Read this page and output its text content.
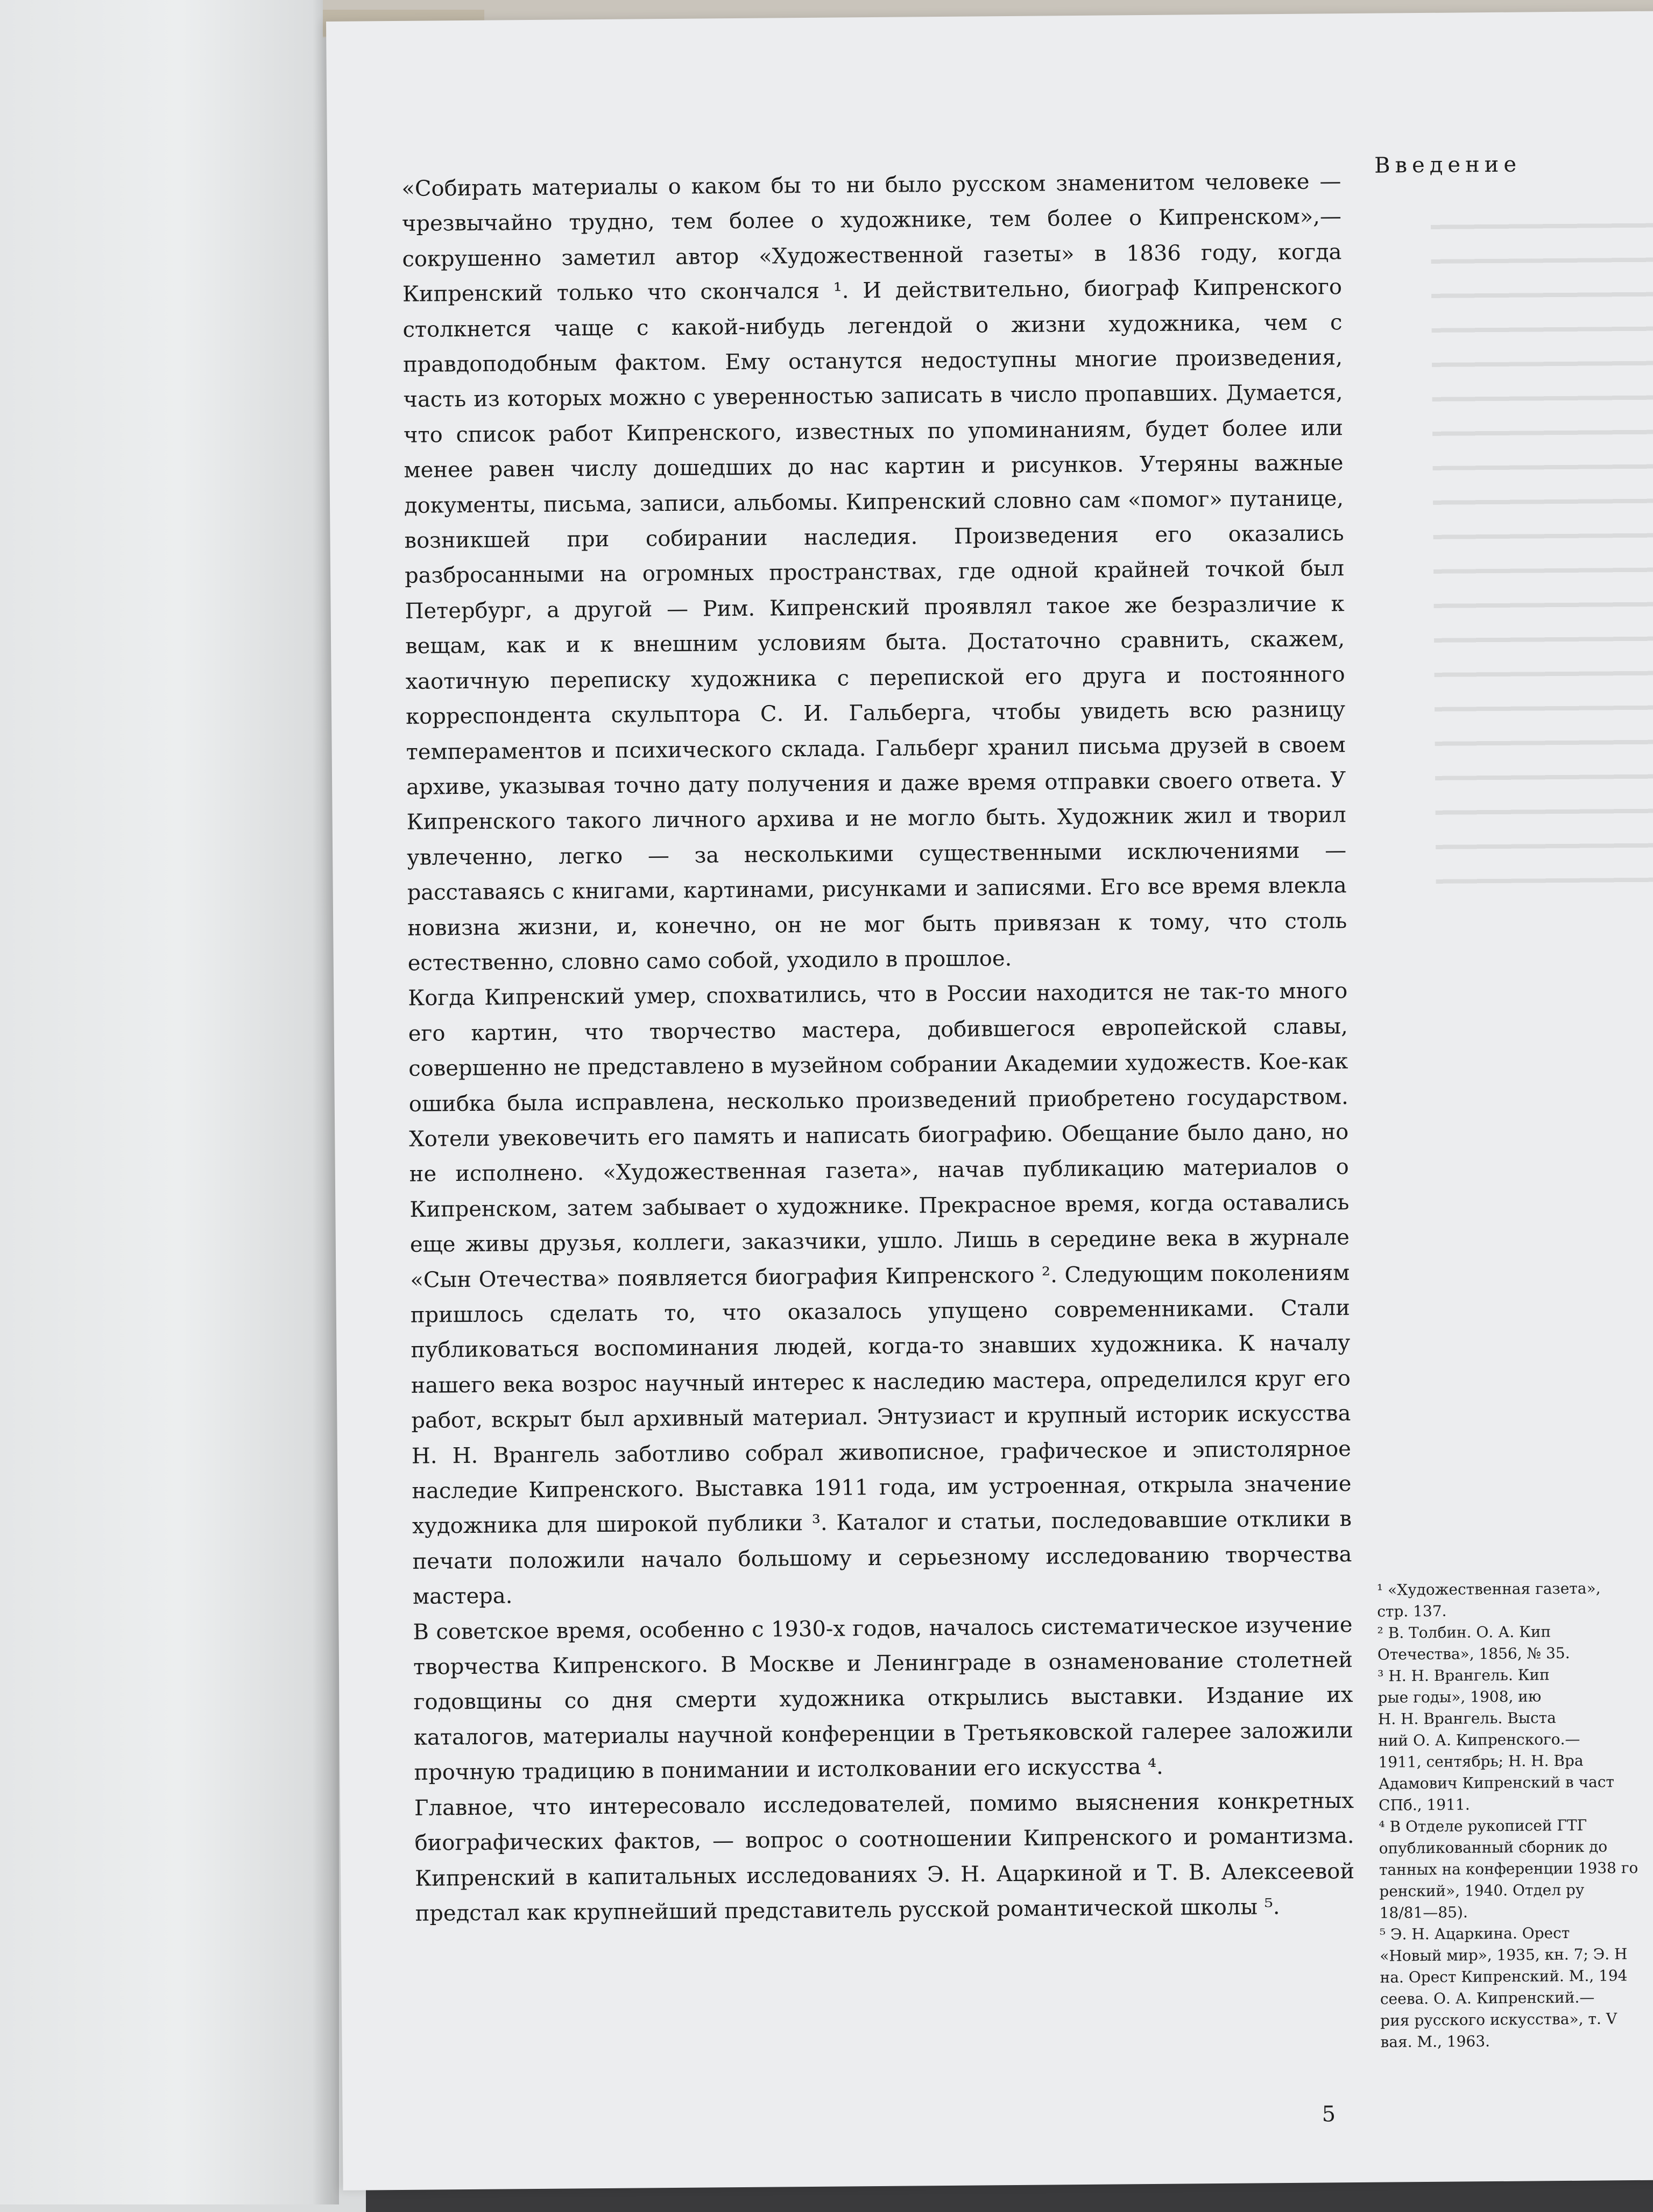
«Собирать материалы о каком бы то ни было русском знаменитом человеке — чрезвычайно трудно, тем более о художнике, тем более о Кипренском»,— сокрушенно заметил автор «Художественной газеты» в 1836 году, когда Кипренский только что скончался ¹. И действительно, биограф Кипренского столкнется чаще с какой-нибудь легендой о жизни художника, чем с правдоподобным фактом. Ему останутся недоступны многие произведения, часть из которых можно с уверенностью записать в число пропавших. Думается, что список работ Кипренского, известных по упоминаниям, будет более или менее равен числу дошедших до нас картин и рисунков. Утеряны важные документы, письма, записи, альбомы. Кипренский словно сам «помог» путанице, возникшей при собирании наследия. Произведения его оказались разбросанными на огромных пространствах, где одной крайней точкой был Петербург, а другой — Рим. Кипренский проявлял такое же безразличие к вещам, как и к внешним условиям быта. Достаточно сравнить, скажем, хаотичную переписку художника с перепиской его друга и постоянного корреспондента скульптора С. И. Гальберга, чтобы увидеть всю разницу темпераментов и психического склада. Гальберг хранил письма друзей в своем архиве, указывая точно дату получения и даже время отправки своего ответа. У Кипренского такого личного архива и не могло быть. Художник жил и творил увлеченно, легко — за несколькими существенными исключениями — расставаясь с книгами, картинами, рисунками и записями. Его все время влекла новизна жизни, и, конечно, он не мог быть привязан к тому, что столь естественно, словно само собой, уходило в прошлое.

Когда Кипренский умер, спохватились, что в России находится не так-то много его картин, что творчество мастера, добившегося европейской славы, совершенно не представлено в музейном собрании Академии художеств. Кое-как ошибка была исправлена, несколько произведений приобретено государством. Хотели увековечить его память и написать биографию. Обещание было дано, но не исполнено. «Художественная газета», начав публикацию материалов о Кипренском, затем забывает о художнике. Прекрасное время, когда оставались еще живы друзья, коллеги, заказчики, ушло. Лишь в середине века в журнале «Сын Отечества» появляется биография Кипренского ². Следующим поколениям пришлось сделать то, что оказалось упущено современниками. Стали публиковаться воспоминания людей, когда-то знавших художника. К началу нашего века возрос научный интерес к наследию мастера, определился круг его работ, вскрыт был архивный материал. Энтузиаст и крупный историк искусства Н. Н. Врангель заботливо собрал живописное, графическое и эпистолярное наследие Кипренского. Выставка 1911 года, им устроенная, открыла значение художника для широкой публики ³. Каталог и статьи, последовавшие отклики в печати положили начало большому и серьезному исследованию творчества мастера.

В советское время, особенно с 1930-х годов, началось систематическое изучение творчества Кипренского. В Москве и Ленинграде в ознаменование столетней годовщины со дня смерти художника открылись выставки. Издание их каталогов, материалы научной конференции в Третьяковской галерее заложили прочную традицию в понимании и истолковании его искусства ⁴.

Главное, что интересовало исследователей, помимо выяснения конкретных биографических фактов, — вопрос о соотношении Кипренского и романтизма. Кипренский в капитальных исследованиях Э. Н. Ацаркиной и Т. В. Алексеевой предстал как крупнейший представитель русской романтической школы ⁵.

Введение
¹ «Художественная газета»,
стр. 137.
² В. Толбин. О. А. Кип
Отечества», 1856, № 35.
³ Н. Н. Врангель. Кип
рые годы», 1908, ию
Н. Н. Врангель. Выста
ний О. А. Кипренского.—
1911, сентябрь; Н. Н. Вра
Адамович Кипренский в част
СПб., 1911.
⁴ В Отделе рукописей ГТГ
опубликованный сборник до
танных на конференции 1938 го
ренский», 1940. Отдел ру
18/81—85).
⁵ Э. Н. Ацаркина. Орест
«Новый мир», 1935, кн. 7; Э. Н
на. Орест Кипренский. М., 194
сеева. О. А. Кипренский.—
рия русского искусства», т. V
вая. М., 1963.
5
